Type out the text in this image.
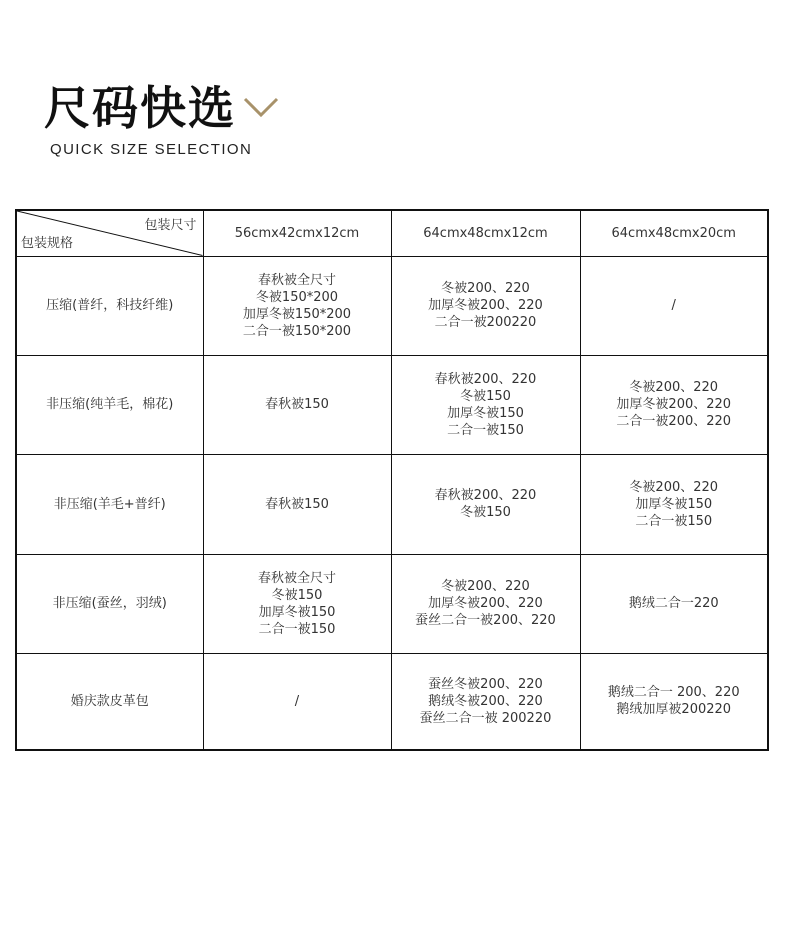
尺码快选
QUICK SIZE SELECTION
包装尺寸
包装规格	56cmx42cmx12cm	64cmx48cmx12cm	64cmx48cmx20cm
压缩(普纤，科技纤维)	春秋被全尺寸
冬被150*200
加厚冬被150*200
二合一被150*200	冬被200、220
加厚冬被200、220
二合一被200220	/

非压缩(纯羊毛，棉花)	春秋被150	春秋被200、220
冬被150
加厚冬被150
二合一被150	冬被200、220
加厚冬被200、220
二合一被200、220

非压缩(羊毛+普纤)	春秋被150	春秋被200、220
冬被150	冬被200、220
加厚冬被150
二合一被150

非压缩(蚕丝，羽绒)	春秋被全尺寸
冬被150
加厚冬被150
二合一被150	冬被200、220
加厚冬被200、220
蚕丝二合一被200、220	鹅绒二合一220

婚庆款皮革包	/	蚕丝冬被200、220
鹅绒冬被200、220
蚕丝二合一被 200220	鹅绒二合一 200、220
鹅绒加厚被200220
